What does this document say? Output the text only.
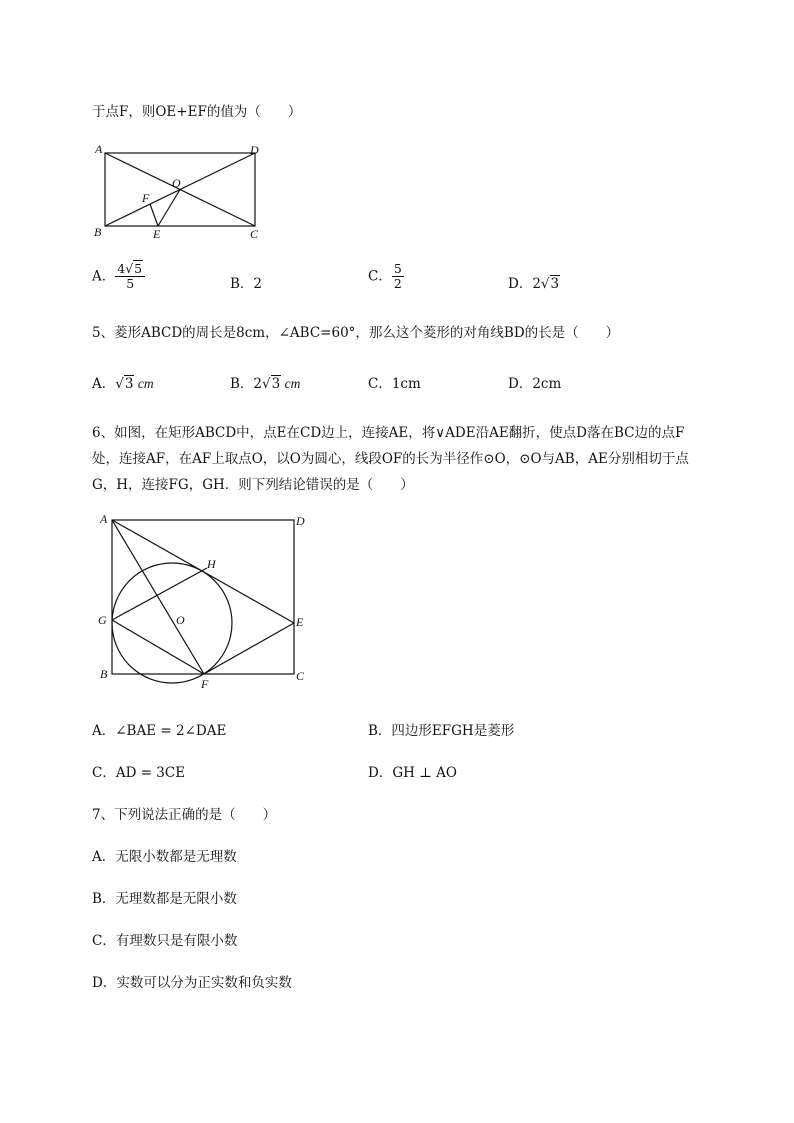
于点F，则OE+EF的值为（　　）
A	D
O
F
B	E	C
A． $\frac{4√5}{5}$	B．2	C． $\frac{5}{2}$	D．2√3
5、菱形ABCD的周长是8cm，∠ABC=60°，那么这个菱形的对角线BD的长是（　　）
A．√3 cm	B．2√3 cm	C．1cm	D．2cm
6、如图，在矩形ABCD中，点E在CD边上，连接AE，将∨ADE沿AE翻折，使点D落在BC边的点F
处，连接AF，在AF上取点O，以O为圆心，线段OF的长为半径作⊙O，⊙O与AB，AE分别相切于点
G，H，连接FG，GH．则下列结论错误的是（　　）
A	D
H
G	O	E
B
F
C
A．∠BAE = 2∠DAE	B．四边形EFGH是菱形
C．AD = 3CE	D．GH ⊥ AO
7、下列说法正确的是（　　）
A．无限小数都是无理数
B．无理数都是无限小数
C．有理数只是有限小数
D．实数可以分为正实数和负实数
